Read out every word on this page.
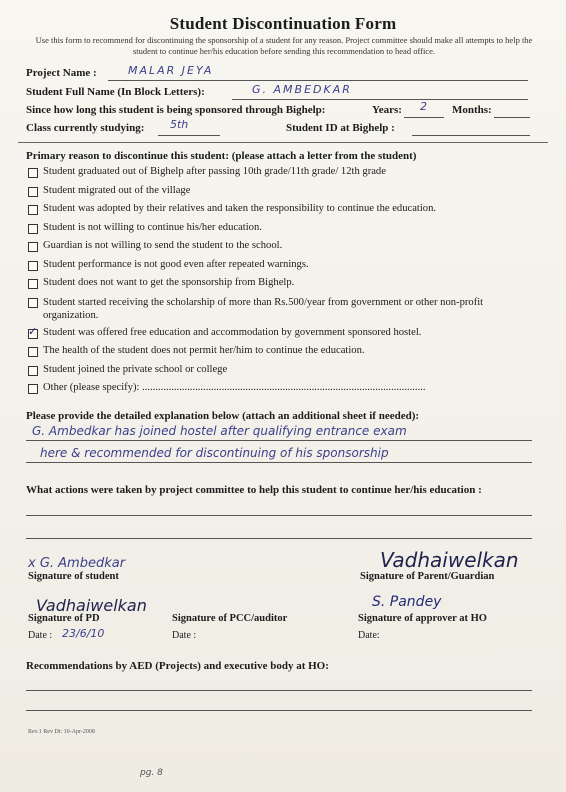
Student Discontinuation Form
Use this form to recommend for discontinuing the sponsorship of a student for any reason. Project committee should make all attempts to help the student to continue her/his education before sending this recommendation to head office.
Project Name :	MALAR JEYA
Student Full Name (In Block Letters):	G. AMBEDKAR
Since how long this student is being sponsored through Bighelp:	Years: 2 Months:
Class currently studying: 5th	Student ID at Bighelp :
Primary reason to discontinue this student: (please attach a letter from the student)
Student graduated out of Bighelp after passing 10th grade/11th grade/ 12th grade
Student migrated out of the village
Student was adopted by their relatives and taken the responsibility to continue the education.
Student is not willing to continue his/her education.
Guardian is not willing to send the student to the school.
Student performance is not good even after repeated warnings.
Student does not want to get the sponsorship from Bighelp.
Student started receiving the scholarship of more than Rs.500/year from government or other non-profit organization.
✓
Student was offered free education and accommodation by government sponsored hostel.
The health of the student does not permit her/him to continue the education.
Student joined the private school or college
Other (please specify): ...........................................................................................................
Please provide the detailed explanation below (attach an additional sheet if needed):
G. Ambedkar has joined hostel after qualifying entrance exam
here & recommended for discontinuing of his sponsorship
What actions were taken by project committee to help this student to continue her/his education :
x G. Ambedkar
Signature of student
Vadhaiwelkan
Signature of Parent/Guardian
Vadhaiwelkan
Signature of PD
Date : 23/6/10
Signature of PCC/auditor
Date :
S. Pandey
Signature of approver at HO
Date:
Recommendations by AED (Projects) and executive body at HO:
Rev.1 Rev Dt: 10-Apr-2008
pg. 8
